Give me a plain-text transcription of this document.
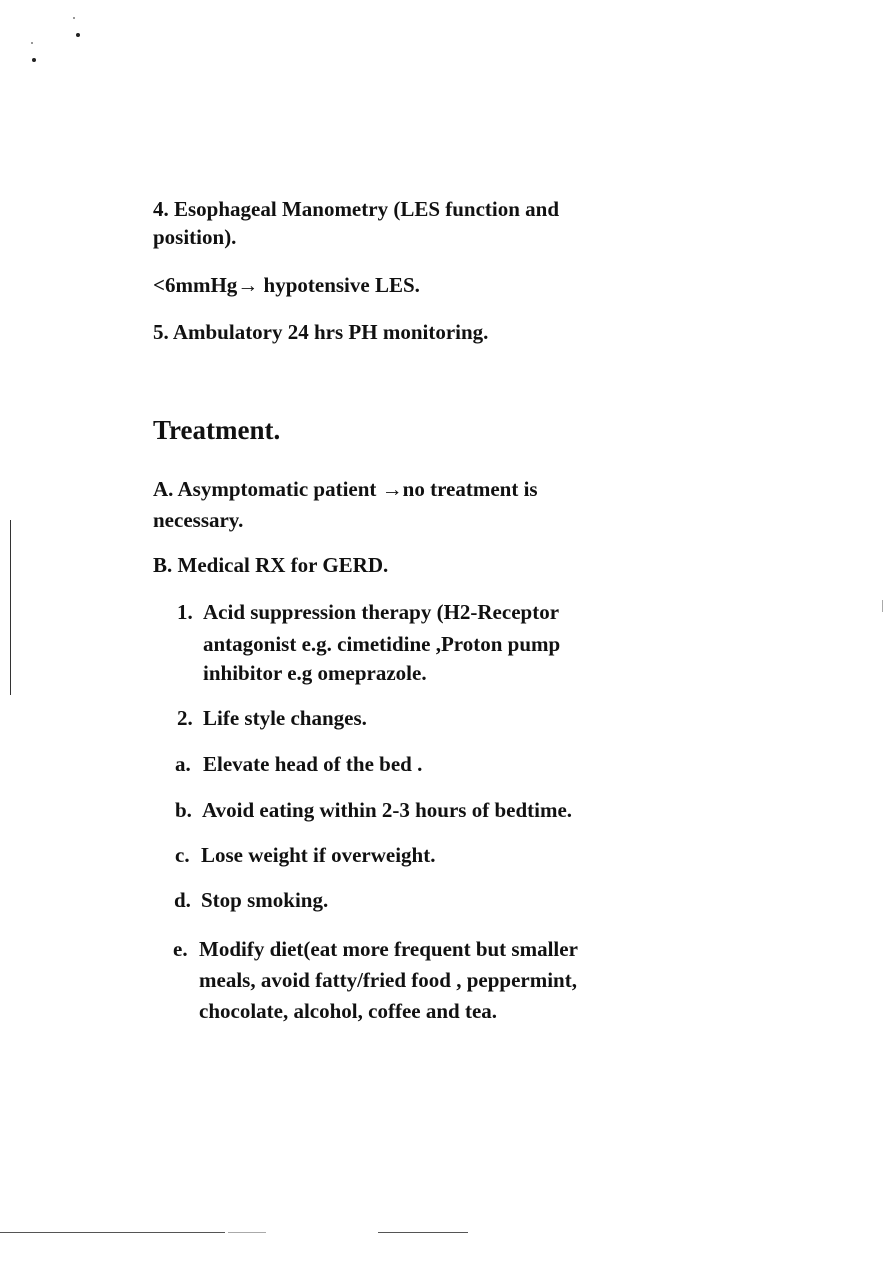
4. Esophageal Manometry (LES function and

position).

<6mmHg→ hypotensive LES.

5. Ambulatory 24 hrs PH monitoring.

Treatment.

A. Asymptomatic patient →no treatment is

necessary.

B. Medical RX for GERD.

1. Acid suppression therapy (H2-Receptor
antagonist e.g. cimetidine ,Proton pump
inhibitor e.g omeprazole.
2. Life style changes.
a. Elevate head of the bed .
b. Avoid eating within 2-3 hours of bedtime.
c. Lose weight if overweight.
d. Stop smoking.
e. Modify diet(eat more frequent but smaller
meals, avoid fatty/fried food , peppermint,
chocolate, alcohol, coffee and tea.
